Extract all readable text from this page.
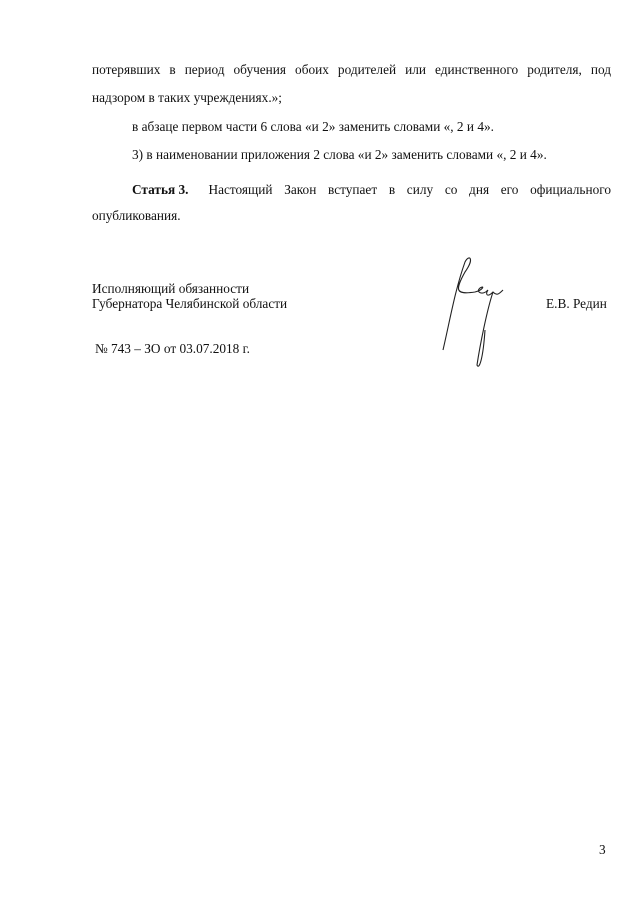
потерявших в период обучения обоих родителей или единственного родителя, под
надзором в таких учреждениях.»;
в абзаце первом части 6 слова «и 2» заменить словами «, 2 и 4».
3) в наименовании приложения 2 слова «и 2» заменить словами «, 2 и 4».
Статья 3. Настоящий Закон вступает в силу со дня его официального
опубликования.
Исполняющий обязанности
Губернатора Челябинской области	Е.В. Редин
№ 743 – ЗО от 03.07.2018 г.
3
